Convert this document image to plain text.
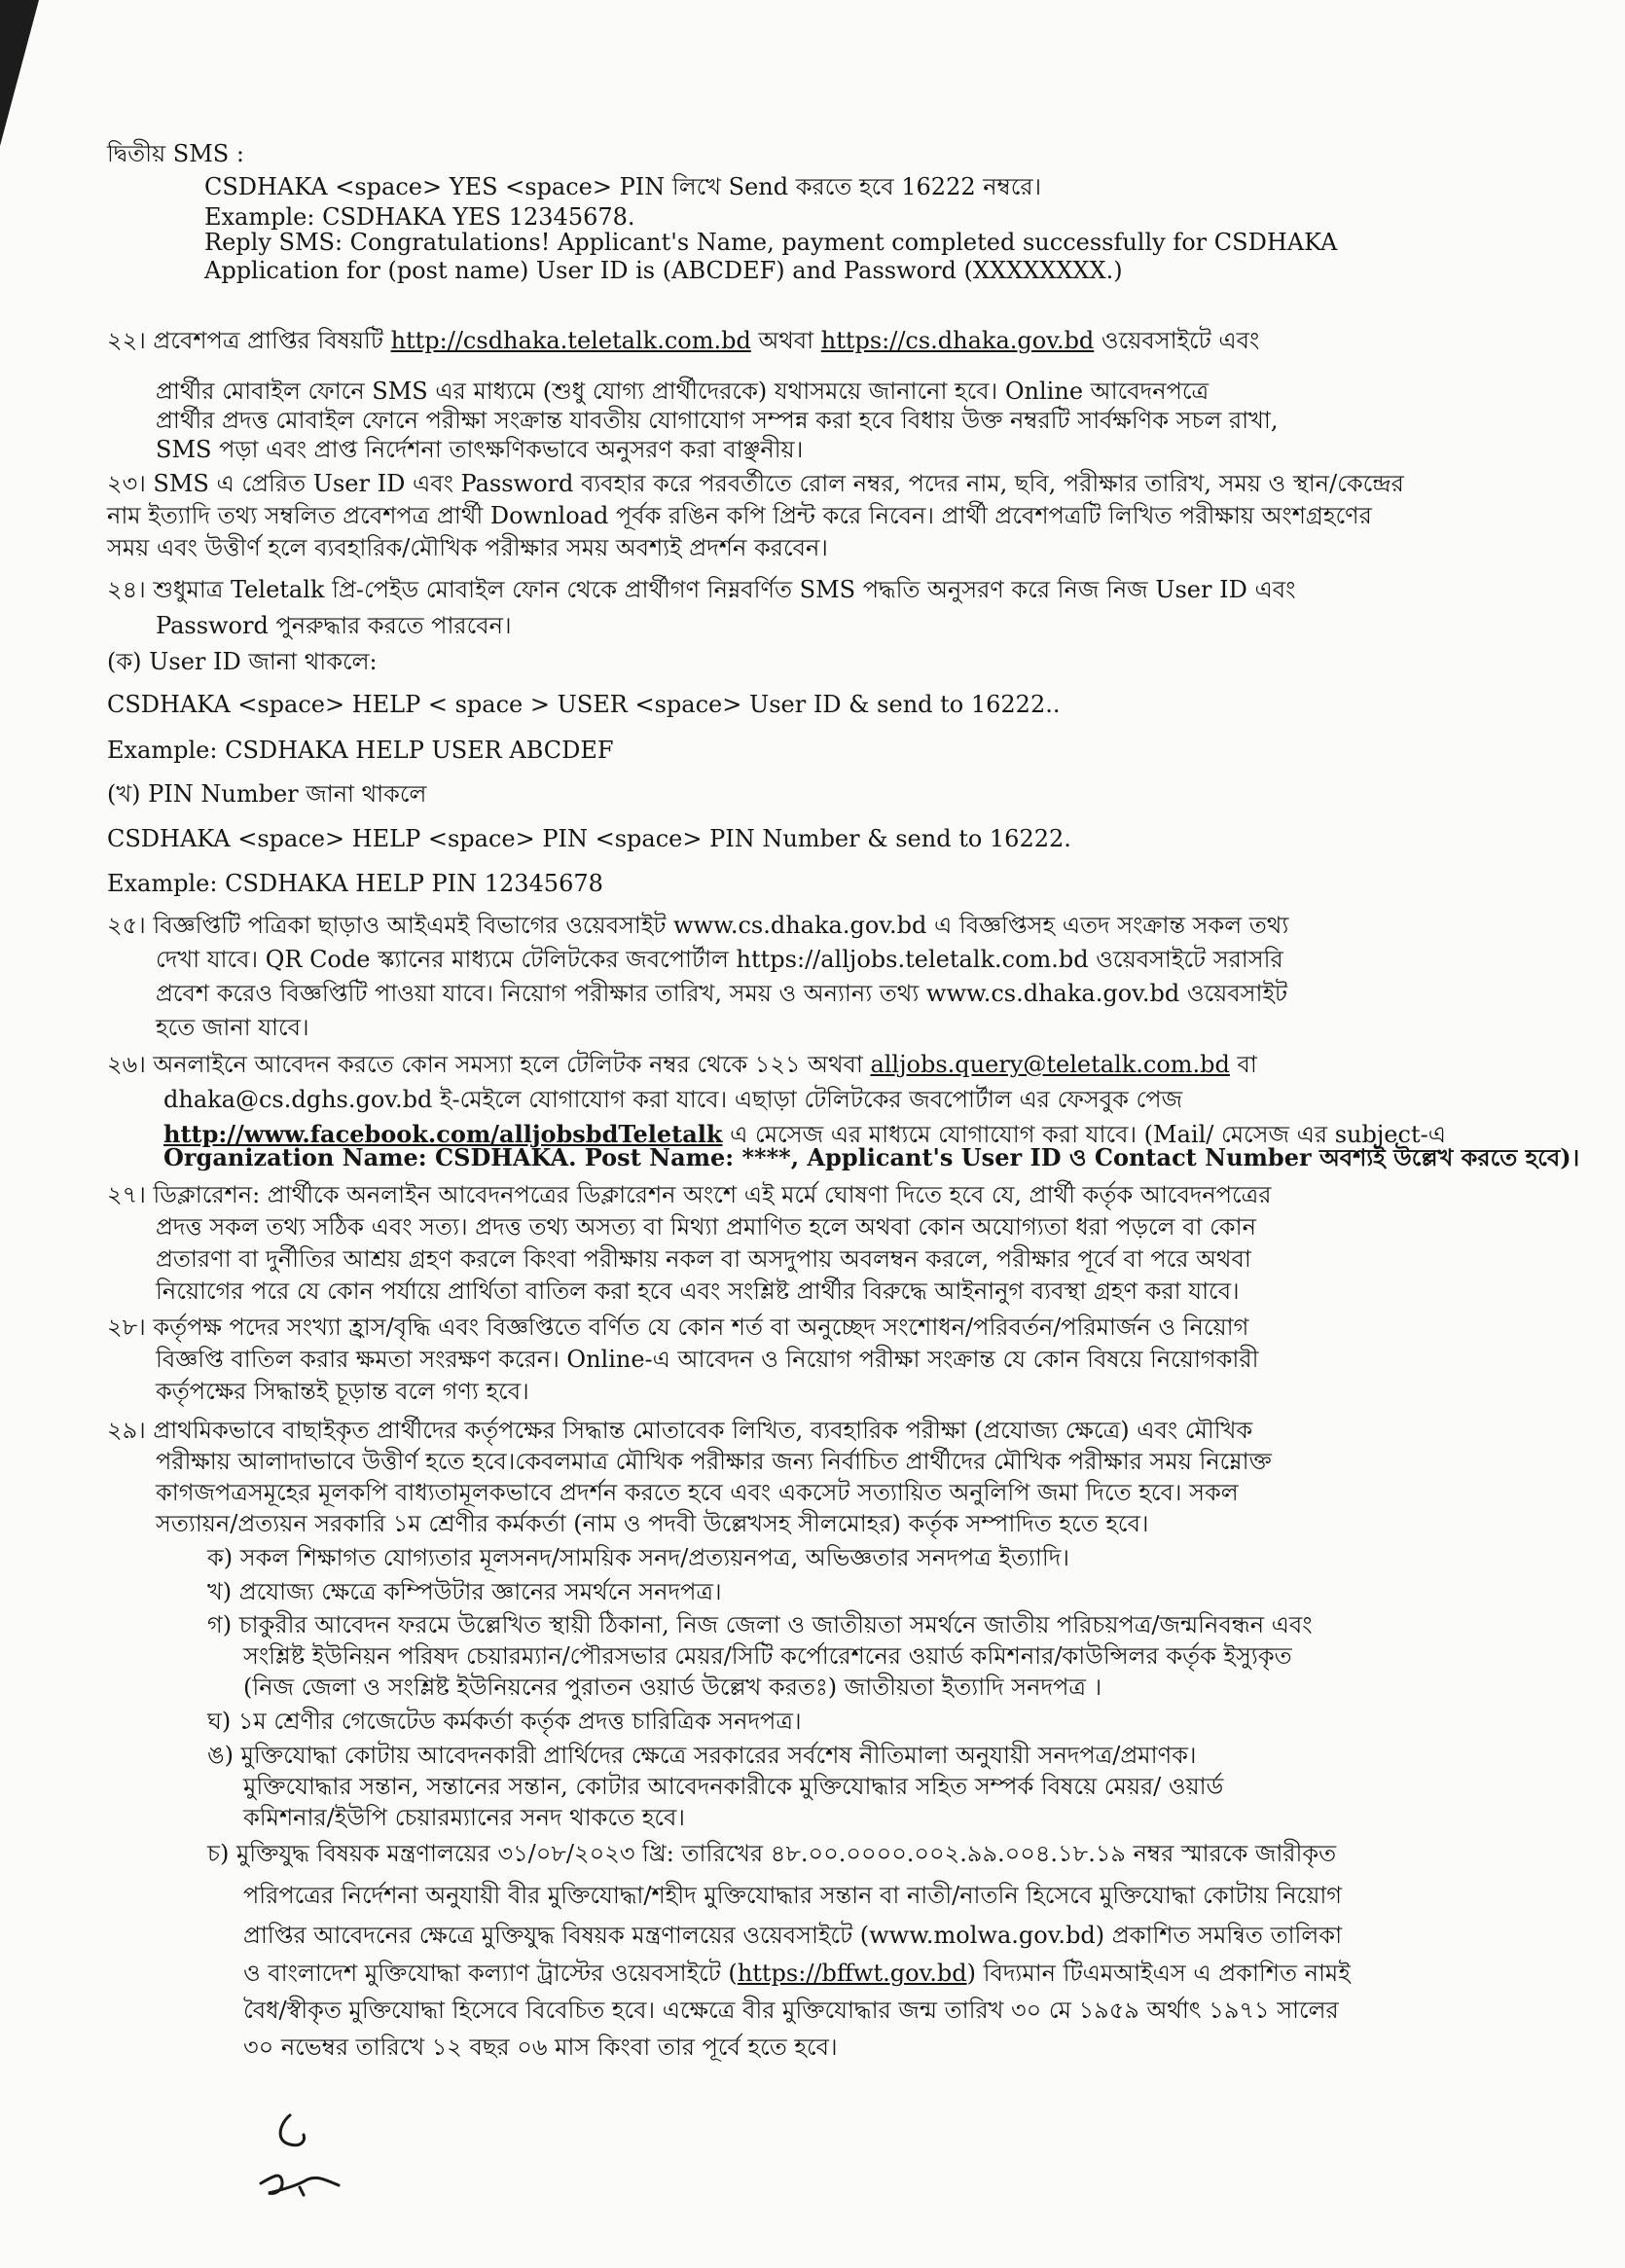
দ্বিতীয় SMS :
CSDHAKA <space> YES <space> PIN লিখে Send করতে হবে 16222 নম্বরে।
Example: CSDHAKA YES 12345678.
Reply SMS: Congratulations! Applicant's Name, payment completed successfully for CSDHAKA
Application for (post name) User ID is (ABCDEF) and Password (XXXXXXXX.)
২২। প্রবেশপত্র প্রাপ্তির বিষয়টি http://csdhaka.teletalk.com.bd অথবা https://cs.dhaka.gov.bd ওয়েবসাইটে এবং
প্রার্থীর মোবাইল ফোনে SMS এর মাধ্যমে (শুধু যোগ্য প্রার্থীদেরকে) যথাসময়ে জানানো হবে। Online আবেদনপত্রে
প্রার্থীর প্রদত্ত মোবাইল ফোনে পরীক্ষা সংক্রান্ত যাবতীয় যোগাযোগ সম্পন্ন করা হবে বিধায় উক্ত নম্বরটি সার্বক্ষণিক সচল রাখা,
SMS পড়া এবং প্রাপ্ত নির্দেশনা তাৎক্ষণিকভাবে অনুসরণ করা বাঞ্ছনীয়।
২৩। SMS এ প্রেরিত User ID এবং Password ব্যবহার করে পরবর্তীতে রোল নম্বর, পদের নাম, ছবি, পরীক্ষার তারিখ, সময় ও স্থান/কেন্দ্রের
নাম ইত্যাদি তথ্য সম্বলিত প্রবেশপত্র প্রার্থী Download পূর্বক রঙিন কপি প্রিন্ট করে নিবেন। প্রার্থী প্রবেশপত্রটি লিখিত পরীক্ষায় অংশগ্রহণের
সময় এবং উত্তীর্ণ হলে ব্যবহারিক/মৌখিক পরীক্ষার সময় অবশ্যই প্রদর্শন করবেন।
২৪। শুধুমাত্র Teletalk প্রি-পেইড মোবাইল ফোন থেকে প্রার্থীগণ নিম্নবর্ণিত SMS পদ্ধতি অনুসরণ করে নিজ নিজ User ID এবং
Password পুনরুদ্ধার করতে পারবেন।
(ক) User ID জানা থাকলে:
CSDHAKA <space> HELP < space > USER <space> User ID & send to 16222..
Example: CSDHAKA HELP USER ABCDEF
(খ) PIN Number জানা থাকলে
CSDHAKA <space> HELP <space> PIN <space> PIN Number & send to 16222.
Example: CSDHAKA HELP PIN 12345678
২৫। বিজ্ঞপ্তিটি পত্রিকা ছাড়াও আইএমই বিভাগের ওয়েবসাইট www.cs.dhaka.gov.bd এ বিজ্ঞপ্তিসহ এতদ সংক্রান্ত সকল তথ্য
দেখা যাবে। QR Code স্ক্যানের মাধ্যমে টেলিটকের জবপোর্টাল https://alljobs.teletalk.com.bd ওয়েবসাইটে সরাসরি
প্রবেশ করেও বিজ্ঞপ্তিটি পাওয়া যাবে। নিয়োগ পরীক্ষার তারিখ, সময় ও অন্যান্য তথ্য www.cs.dhaka.gov.bd ওয়েবসাইট
হতে জানা যাবে।
২৬। অনলাইনে আবেদন করতে কোন সমস্যা হলে টেলিটক নম্বর থেকে ১২১ অথবা alljobs.query@teletalk.com.bd বা
dhaka@cs.dghs.gov.bd ই-মেইলে যোগাযোগ করা যাবে। এছাড়া টেলিটকের জবপোর্টাল এর ফেসবুক পেজ
http://www.facebook.com/alljobsbdTeletalk এ মেসেজ এর মাধ্যমে যোগাযোগ করা যাবে। (Mail/ মেসেজ এর subject-এ
Organization Name: CSDHAKA. Post Name: ****, Applicant's User ID ও Contact Number অবশ্যই উল্লেখ করতে হবে)।
২৭। ডিক্লারেশন: প্রার্থীকে অনলাইন আবেদনপত্রের ডিক্লারেশন অংশে এই মর্মে ঘোষণা দিতে হবে যে, প্রার্থী কর্তৃক আবেদনপত্রের
প্রদত্ত সকল তথ্য সঠিক এবং সত্য। প্রদত্ত তথ্য অসত্য বা মিথ্যা প্রমাণিত হলে অথবা কোন অযোগ্যতা ধরা পড়লে বা কোন
প্রতারণা বা দুর্নীতির আশ্রয় গ্রহণ করলে কিংবা পরীক্ষায় নকল বা অসদুপায় অবলম্বন করলে, পরীক্ষার পূর্বে বা পরে অথবা
নিয়োগের পরে যে কোন পর্যায়ে প্রার্থিতা বাতিল করা হবে এবং সংশ্লিষ্ট প্রার্থীর বিরুদ্ধে আইনানুগ ব্যবস্থা গ্রহণ করা যাবে।
২৮। কর্তৃপক্ষ পদের সংখ্যা হ্রাস/বৃদ্ধি এবং বিজ্ঞপ্তিতে বর্ণিত যে কোন শর্ত বা অনুচ্ছেদ সংশোধন/পরিবর্তন/পরিমার্জন ও নিয়োগ
বিজ্ঞপ্তি বাতিল করার ক্ষমতা সংরক্ষণ করেন। Online-এ আবেদন ও নিয়োগ পরীক্ষা সংক্রান্ত যে কোন বিষয়ে নিয়োগকারী
কর্তৃপক্ষের সিদ্ধান্তই চূড়ান্ত বলে গণ্য হবে।
২৯। প্রাথমিকভাবে বাছাইকৃত প্রার্থীদের কর্তৃপক্ষের সিদ্ধান্ত মোতাবেক লিখিত, ব্যবহারিক পরীক্ষা (প্রযোজ্য ক্ষেত্রে) এবং মৌখিক
পরীক্ষায় আলাদাভাবে উত্তীর্ণ হতে হবে।কেবলমাত্র মৌখিক পরীক্ষার জন্য নির্বাচিত প্রার্থীদের মৌখিক পরীক্ষার সময় নিম্নোক্ত
কাগজপত্রসমূহের মূলকপি বাধ্যতামূলকভাবে প্রদর্শন করতে হবে এবং একসেট সত্যায়িত অনুলিপি জমা দিতে হবে। সকল
সত্যায়ন/প্রত্যয়ন সরকারি ১ম শ্রেণীর কর্মকর্তা (নাম ও পদবী উল্লেখসহ সীলমোহর) কর্তৃক সম্পাদিত হতে হবে।
ক) সকল শিক্ষাগত যোগ্যতার মূলসনদ/সাময়িক সনদ/প্রত্যয়নপত্র, অভিজ্ঞতার সনদপত্র ইত্যাদি।
খ) প্রযোজ্য ক্ষেত্রে কম্পিউটার জ্ঞানের সমর্থনে সনদপত্র।
গ) চাকুরীর আবেদন ফরমে উল্লেখিত স্থায়ী ঠিকানা, নিজ জেলা ও জাতীয়তা সমর্থনে জাতীয় পরিচয়পত্র/জন্মনিবন্ধন এবং
সংশ্লিষ্ট ইউনিয়ন পরিষদ চেয়ারম্যান/পৌরসভার মেয়র/সিটি কর্পোরেশনের ওয়ার্ড কমিশনার/কাউন্সিলর কর্তৃক ইস্যুকৃত
(নিজ জেলা ও সংশ্লিষ্ট ইউনিয়নের পুরাতন ওয়ার্ড উল্লেখ করতঃ) জাতীয়তা ইত্যাদি সনদপত্র ।
ঘ) ১ম শ্রেণীর গেজেটেড কর্মকর্তা কর্তৃক প্রদত্ত চারিত্রিক সনদপত্র।
ঙ) মুক্তিযোদ্ধা কোটায় আবেদনকারী প্রার্থিদের ক্ষেত্রে সরকারের সর্বশেষ নীতিমালা অনুযায়ী সনদপত্র/প্রমাণক।
মুক্তিযোদ্ধার সন্তান, সন্তানের সন্তান, কোটার আবেদনকারীকে মুক্তিযোদ্ধার সহিত সম্পর্ক বিষয়ে মেয়র/ ওয়ার্ড
কমিশনার/ইউপি চেয়ারম্যানের সনদ থাকতে হবে।
চ) মুক্তিযুদ্ধ বিষয়ক মন্ত্রণালয়ের ৩১/০৮/২০২৩ খ্রি: তারিখের ৪৮.০০.০০০০.০০২.৯৯.০০৪.১৮.১৯ নম্বর স্মারকে জারীকৃত
পরিপত্রের নির্দেশনা অনুযায়ী বীর মুক্তিযোদ্ধা/শহীদ মুক্তিযোদ্ধার সন্তান বা নাতী/নাতনি হিসেবে মুক্তিযোদ্ধা কোটায় নিয়োগ
প্রাপ্তির আবেদনের ক্ষেত্রে মুক্তিযুদ্ধ বিষয়ক মন্ত্রণালয়ের ওয়েবসাইটে (www.molwa.gov.bd) প্রকাশিত সমন্বিত তালিকা
ও বাংলাদেশ মুক্তিযোদ্ধা কল্যাণ ট্রাস্টের ওয়েবসাইটে (https://bffwt.gov.bd) বিদ্যমান টিএমআইএস এ প্রকাশিত নামই
বৈধ/স্বীকৃত মুক্তিযোদ্ধা হিসেবে বিবেচিত হবে। এক্ষেত্রে বীর মুক্তিযোদ্ধার জন্ম তারিখ ৩০ মে ১৯৫৯ অর্থাৎ ১৯৭১ সালের
৩০ নভেম্বর তারিখে ১২ বছর ০৬ মাস কিংবা তার পূর্বে হতে হবে।
